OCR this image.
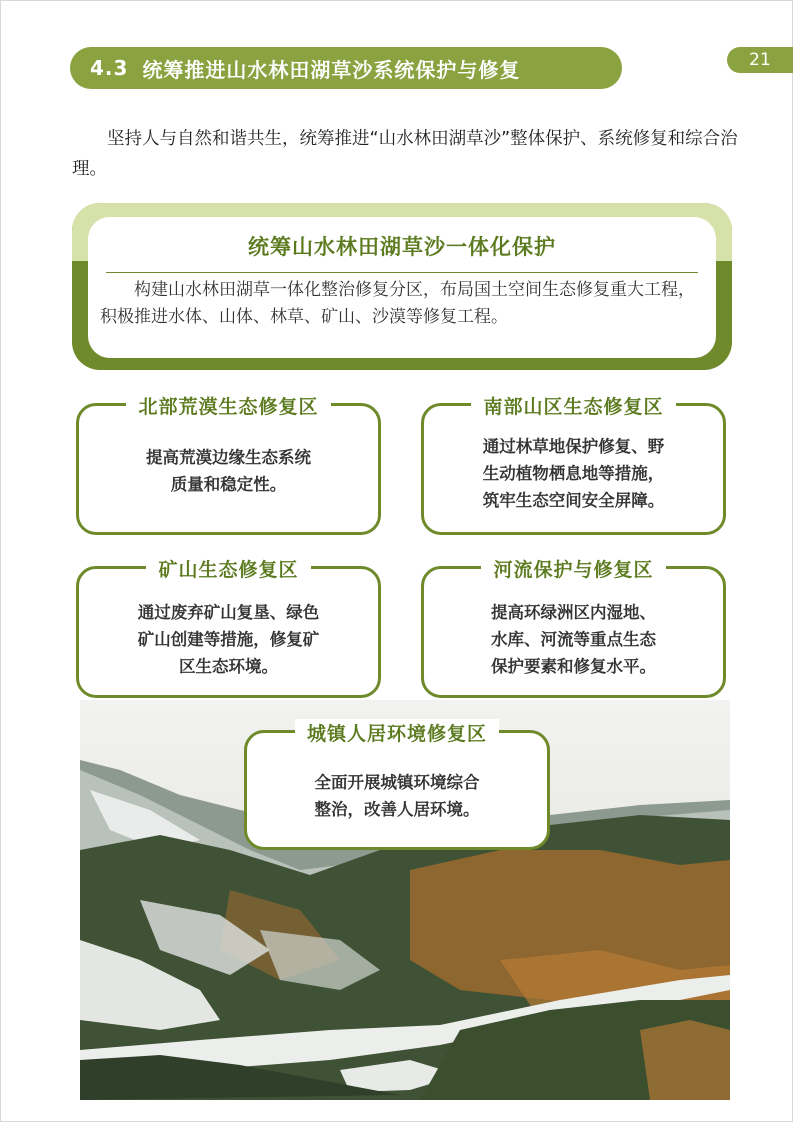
4.3 统筹推进山水林田湖草沙系统保护与修复	21
坚持人与自然和谐共生，统筹推进“山水林田湖草沙”整体保护、系统修复和综合治理。
统筹山水林田湖草沙一体化保护
构建山水林田湖草一体化整治修复分区，布局国土空间生态修复重大工程，积极推进水体、山体、林草、矿山、沙漠等修复工程。
北部荒漠生态修复区
提高荒漠边缘生态系统
质量和稳定性。
南部山区生态修复区
通过林草地保护修复、野
生动植物栖息地等措施，
筑牢生态空间安全屏障。
矿山生态修复区
通过废弃矿山复垦、绿色
矿山创建等措施，修复矿
区生态环境。
河流保护与修复区
提高环绿洲区内湿地、
水库、河流等重点生态
保护要素和修复水平。
城镇人居环境修复区
全面开展城镇环境综合
整治，改善人居环境。
